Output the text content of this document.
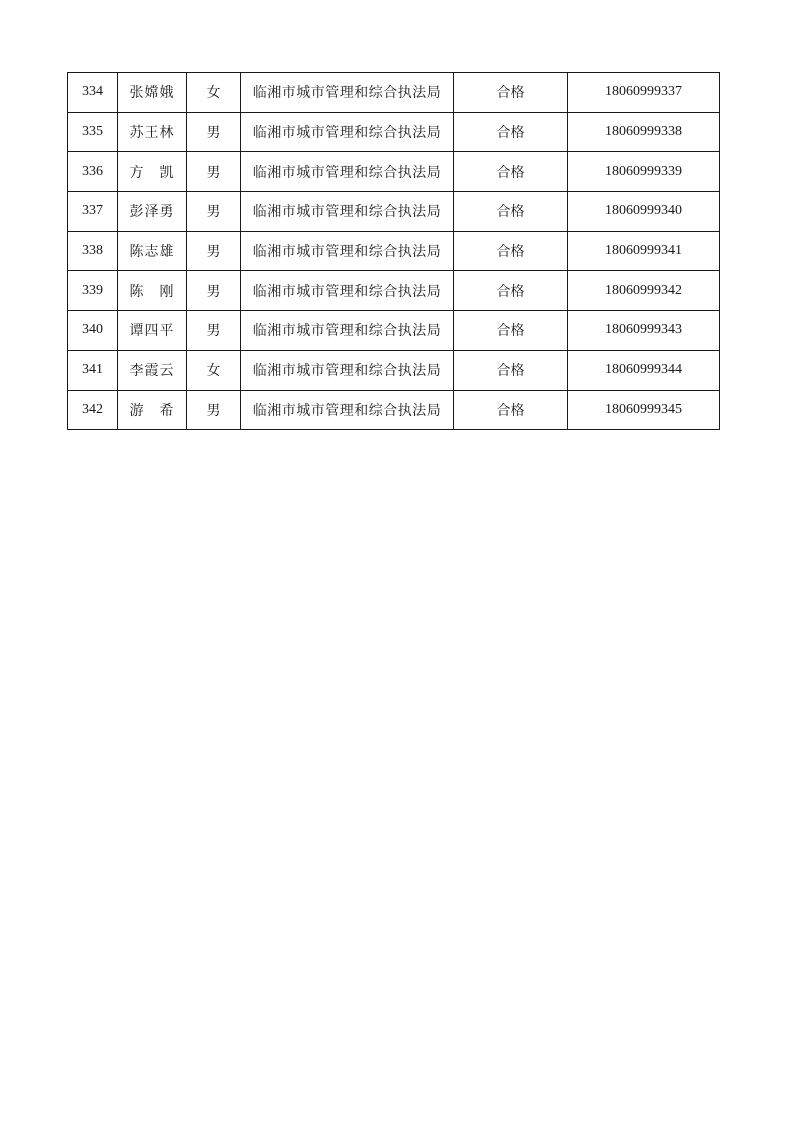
334	张嫦娥	女	临湘市城市管理和综合执法局	合格	18060999337
335	苏王林	男	临湘市城市管理和综合执法局	合格	18060999338
336	方　凯	男	临湘市城市管理和综合执法局	合格	18060999339
337	彭泽勇	男	临湘市城市管理和综合执法局	合格	18060999340
338	陈志雄	男	临湘市城市管理和综合执法局	合格	18060999341
339	陈　刚	男	临湘市城市管理和综合执法局	合格	18060999342
340	谭四平	男	临湘市城市管理和综合执法局	合格	18060999343
341	李霞云	女	临湘市城市管理和综合执法局	合格	18060999344
342	游　希	男	临湘市城市管理和综合执法局	合格	18060999345
